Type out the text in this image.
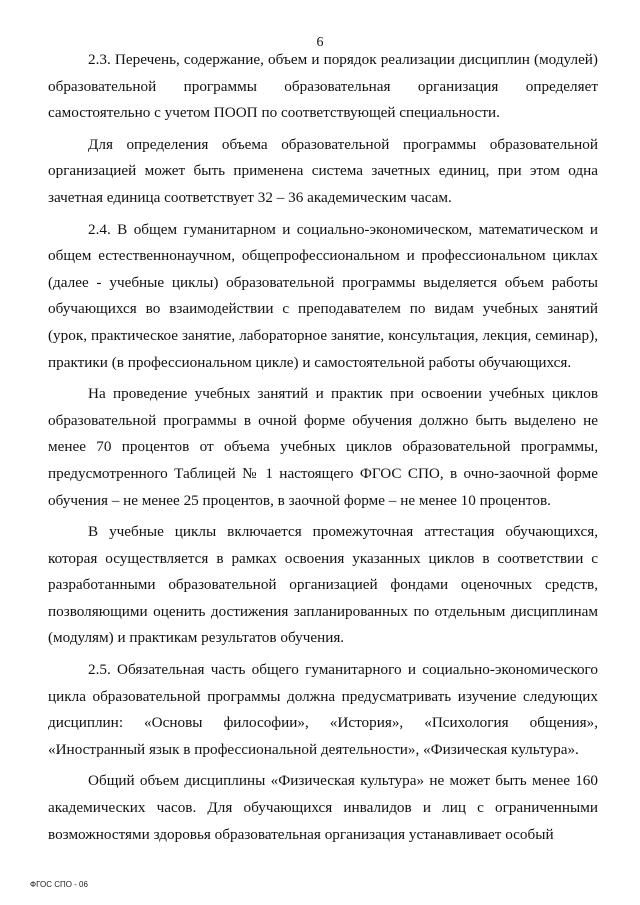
6

2.3. Перечень, содержание, объем и порядок реализации дисциплин (модулей) образовательной программы образовательная организация определяет самостоятельно с учетом ПООП по соответствующей специальности.

Для определения объема образовательной программы образовательной организацией может быть применена система зачетных единиц, при этом одна зачетная единица соответствует 32 – 36 академическим часам.

2.4. В общем гуманитарном и социально-экономическом, математическом и общем естественнонаучном, общепрофессиональном и профессиональном циклах (далее - учебные циклы) образовательной программы выделяется объем работы обучающихся во взаимодействии с преподавателем по видам учебных занятий (урок, практическое занятие, лабораторное занятие, консультация, лекция, семинар), практики (в профессиональном цикле) и самостоятельной работы обучающихся.

На проведение учебных занятий и практик при освоении учебных циклов образовательной программы в очной форме обучения должно быть выделено не менее 70 процентов от объема учебных циклов образовательной программы, предусмотренного Таблицей № 1 настоящего ФГОС СПО, в очно-заочной форме обучения – не менее 25 процентов, в заочной форме – не менее 10 процентов.

В учебные циклы включается промежуточная аттестация обучающихся, которая осуществляется в рамках освоения указанных циклов в соответствии с разработанными образовательной организацией фондами оценочных средств, позволяющими оценить достижения запланированных по отдельным дисциплинам (модулям) и практикам результатов обучения.

2.5. Обязательная часть общего гуманитарного и социально-экономического цикла образовательной программы должна предусматривать изучение следующих дисциплин: «Основы философии», «История», «Психология общения», «Иностранный язык в профессиональной деятельности», «Физическая культура».

Общий объем дисциплины «Физическая культура» не может быть менее 160 академических часов. Для обучающихся инвалидов и лиц с ограниченными возможностями здоровья образовательная организация устанавливает особый

ФГОС СПО - 06
